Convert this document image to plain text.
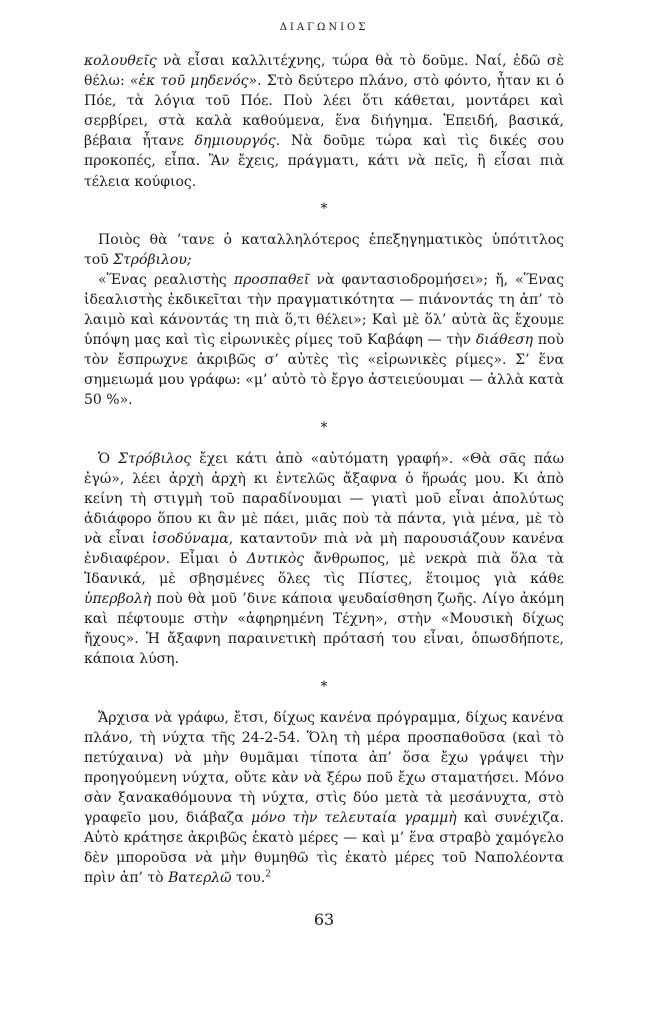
ΔΙΑΓΩΝΙΟΣ

κολουθεῖς νὰ εἶσαι καλλιτέχνης, τώρα θὰ τὸ δοῦμε. Ναί, ἐδῶ σὲ θέλω: «ἐκ τοῦ μηδενός». Στὸ δεύτερο πλάνο, στὸ φόντο, ἦταν κι ὁ Πόε, τὰ λόγια τοῦ Πόε. Ποὺ λέει ὅτι κάθεται, μοντάρει καὶ σερβίρει, στὰ καλὰ καθούμενα, ἕνα διήγημα. Ἐπειδή, βασικά, βέβαια ἦτανε δημιουργός. Νὰ δοῦμε τώρα καὶ τὶς δικές σου προκοπές, εἶπα. Ἂν ἔχεις, πράγματι, κάτι νὰ πεῖς, ἢ εἶσαι πιὰ τέλεια κούφιος.

*

Ποιὸς θὰ ’τανε ὁ καταλληλότερος ἐπεξηγηματικὸς ὑπότιτλος τοῦ Στρόβιλου;

«Ἕνας ρεαλιστὴς προσπαθεῖ νὰ φαντασιοδρομήσει»; ἤ, «Ἕνας ἰδεαλιστὴς ἐκδικεῖται τὴν πραγματικότητα — πιάνοντάς τη ἀπ’ τὸ λαιμὸ καὶ κάνοντάς τη πιὰ ὅ,τι θέλει»; Καὶ μὲ ὅλ’ αὐτὰ ἂς ἔχουμε ὑπόψη μας καὶ τὶς εἰρωνικὲς ρίμες τοῦ Καβάφη — τὴν διάθεση ποὺ τὸν ἔσπρωχνε ἀκριβῶς σ’ αὐτὲς τὶς «εἰρωνικὲς ρίμες». Σ’ ἕνα σημειωμά μου γράφω: «μ’ αὐτὸ τὸ ἔργο ἀστειεύουμαι — ἀλλὰ κατὰ 50 %».

*

Ὁ Στρόβιλος ἔχει κάτι ἀπὸ «αὐτόματη γραφή». «Θὰ σᾶς πάω ἐγώ», λέει ἀρχὴ ἀρχὴ κι ἐντελῶς ἄξαφνα ὁ ἥρωάς μου. Κι ἀπὸ κείνη τὴ στιγμὴ τοῦ παραδίνουμαι — γιατὶ μοῦ εἶναι ἀπολύτως ἀδιάφορο ὅπου κι ἂν μὲ πάει, μιᾶς ποὺ τὰ πάντα, γιὰ μένα, μὲ τὸ νὰ εἶναι ἰσοδύναμα, καταντοῦν πιὰ νὰ μὴ παρουσιάζουν κανένα ἐνδιαφέρον. Εἶμαι ὁ Δυτικὸς ἄνθρωπος, μὲ νεκρὰ πιὰ ὅλα τὰ Ἰδανικά, μὲ σβησμένες ὅλες τὶς Πίστες, ἕτοιμος γιὰ κάθε ὑπερβολὴ ποὺ θὰ μοῦ ’δινε κάποια ψευδαίσθηση ζωῆς. Λίγο ἀκόμη καὶ πέφτουμε στὴν «ἀφηρημένη Τέχνη», στὴν «Μουσικὴ δίχως ἤχους». Ἡ ἄξαφνη παραινετικὴ πρότασή του εἶναι, ὁπωσδήποτε, κάποια λύση.

*

Ἄρχισα νὰ γράφω, ἔτσι, δίχως κανένα πρόγραμμα, δίχως κανένα πλάνο, τὴ νύχτα τῆς 24-2-54. Ὅλη τὴ μέρα προσπαθοῦσα (καὶ τὸ πετύχαινα) νὰ μὴν θυμᾶμαι τίποτα ἀπ’ ὅσα ἔχω γράψει τὴν προηγούμενη νύχτα, οὔτε κὰν νὰ ξέρω ποῦ ἔχω σταματήσει. Μόνο σὰν ξανακαθόμουνα τὴ νύχτα, στὶς δύο μετὰ τὰ μεσάνυχτα, στὸ γραφεῖο μου, διάβαζα μόνο τὴν τελευταία γραμμὴ καὶ συνέχιζα. Αὐτὸ κράτησε ἀκριβῶς ἑκατὸ μέρες — καὶ μ’ ἕνα στραβὸ χαμόγελο δὲν μποροῦσα νὰ μὴν θυμηθῶ τὶς ἑκατὸ μέρες τοῦ Ναπολέοντα πρὶν ἀπ’ τὸ Βατερλῶ του.$^2$

63
